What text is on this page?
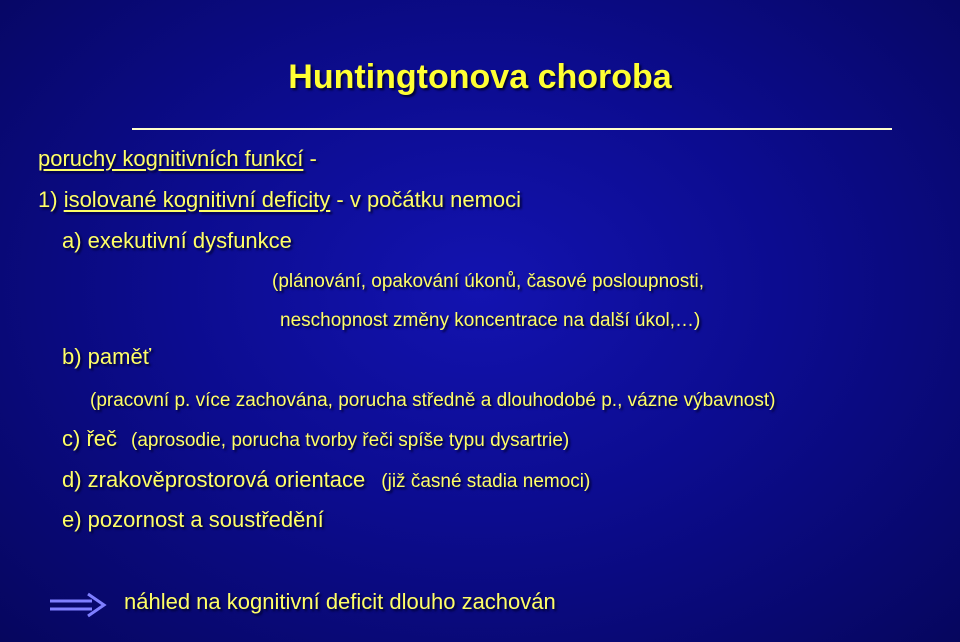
Huntingtonova choroba
poruchy kognitivních funkcí -
1) isolované kognitivní deficity - v počátku nemoci
a) exekutivní dysfunkce
(plánování, opakování úkonů, časové posloupnosti,
neschopnost změny koncentrace na další úkol,…)
b) paměť
(pracovní p. více zachována, porucha středně a dlouhodobé p., vázne výbavnost)
c) řeč (aprosodie, porucha tvorby řeči spíše typu dysartrie)
d) zrakověprostorová orientace (již časné stadia nemoci)
e) pozornost a soustředění
náhled na kognitivní deficit dlouho zachován
